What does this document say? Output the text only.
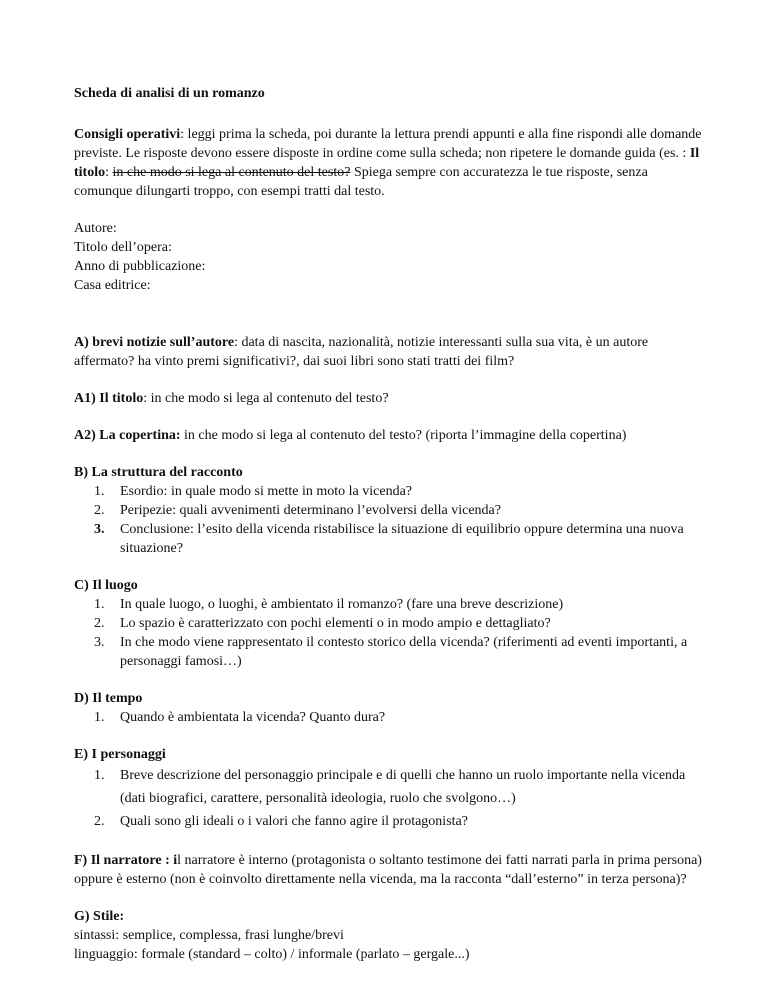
Scheda di analisi di un romanzo

Consigli operativi: leggi prima la scheda, poi durante la lettura prendi appunti e alla fine rispondi alle domande previste. Le risposte devono essere disposte in ordine come sulla scheda; non ripetere le domande guida (es. : Il titolo: in che modo si lega al contenuto del testo? Spiega sempre con accuratezza le tue risposte, senza comunque dilungarti troppo, con esempi tratti dal testo.

Autore:

Titolo dell’opera:

Anno di pubblicazione:

Casa editrice:

A) brevi notizie sull’autore: data di nascita, nazionalità, notizie interessanti sulla sua vita, è un autore affermato? ha vinto premi significativi?, dai suoi libri sono stati tratti dei film?

A1) Il titolo: in che modo si lega al contenuto del testo?

A2) La copertina: in che modo si lega al contenuto del testo? (riporta l’immagine della copertina)

B) La struttura del racconto

1. Esordio: in quale modo si mette in moto la vicenda?
2. Peripezie: quali avvenimenti determinano l’evolversi della vicenda?
3. Conclusione: l’esito della vicenda ristabilisce la situazione di equilibrio oppure determina una nuova situazione?

C) Il luogo

1. In quale luogo, o luoghi, è ambientato il romanzo? (fare una breve descrizione)
2. Lo spazio è caratterizzato con pochi elementi o in modo ampio e dettagliato?
3. In che modo viene rappresentato il contesto storico della vicenda? (riferimenti ad eventi importanti, a personaggi famosi…)

D) Il tempo

1. Quando è ambientata la vicenda? Quanto dura?

E) I personaggi

1. Breve descrizione del personaggio principale e di quelli che hanno un ruolo importante nella vicenda (dati biografici, carattere, personalità ideologia, ruolo che svolgono…)
2. Quali sono gli ideali o i valori che fanno agire il protagonista?

F) Il narratore : il narratore è interno (protagonista o soltanto testimone dei fatti narrati parla in prima persona) oppure è esterno (non è coinvolto direttamente nella vicenda, ma la racconta “dall’esterno” in terza persona)?

G) Stile:

sintassi: semplice, complessa, frasi lunghe/brevi

linguaggio: formale (standard – colto) / informale (parlato – gergale...)
